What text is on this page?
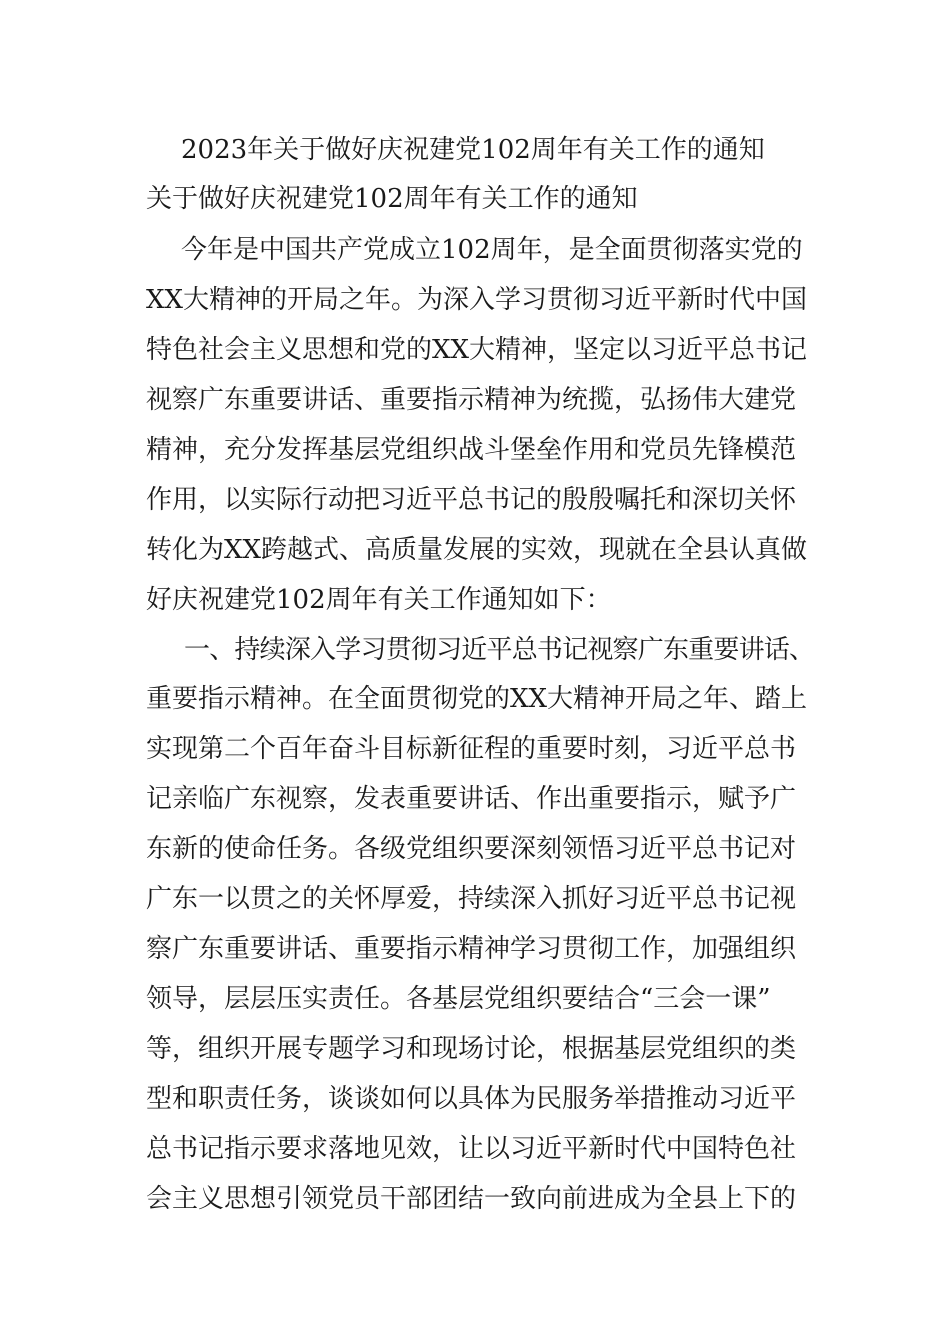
2023年关于做好庆祝建党102周年有关工作的通知
关于做好庆祝建党102周年有关工作的通知
今年是中国共产党成立102周年，是全面贯彻落实党的
XX大精神的开局之年。为深入学习贯彻习近平新时代中国
特色社会主义思想和党的XX大精神，坚定以习近平总书记
视察广东重要讲话、重要指示精神为统揽，弘扬伟大建党
精神，充分发挥基层党组织战斗堡垒作用和党员先锋模范
作用，以实际行动把习近平总书记的殷殷嘱托和深切关怀
转化为XX跨越式、高质量发展的实效，现就在全县认真做
好庆祝建党102周年有关工作通知如下：
一、持续深入学习贯彻习近平总书记视察广东重要讲话、
重要指示精神。在全面贯彻党的XX大精神开局之年、踏上
实现第二个百年奋斗目标新征程的重要时刻，习近平总书
记亲临广东视察，发表重要讲话、作出重要指示，赋予广
东新的使命任务。各级党组织要深刻领悟习近平总书记对
广东一以贯之的关怀厚爱，持续深入抓好习近平总书记视
察广东重要讲话、重要指示精神学习贯彻工作，加强组织
领导，层层压实责任。各基层党组织要结合“三会一课”
等，组织开展专题学习和现场讨论，根据基层党组织的类
型和职责任务，谈谈如何以具体为民服务举措推动习近平
总书记指示要求落地见效，让以习近平新时代中国特色社
会主义思想引领党员干部团结一致向前进成为全县上下的
